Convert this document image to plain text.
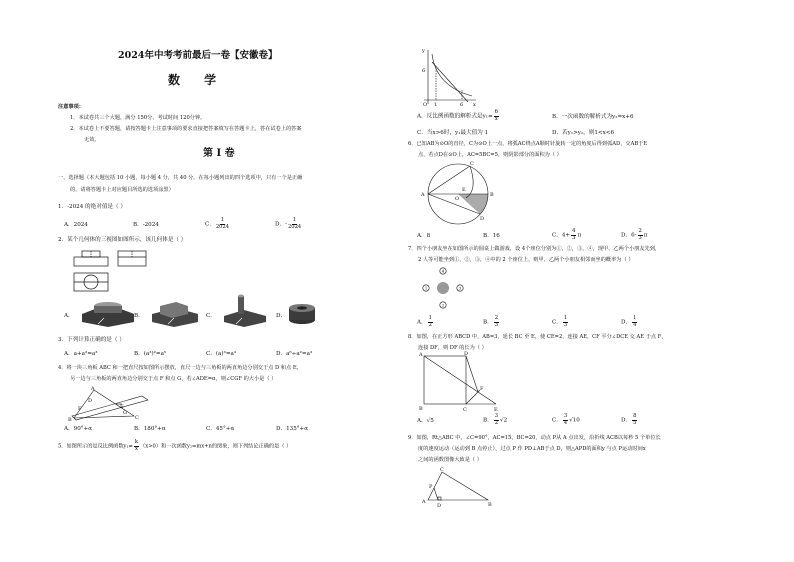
2024年中考考前最后一卷【安徽卷】
数 学
注意事项：
1．本试卷共三个大题，满分 150分，考试时间 120分钟。
2．本试卷上不要答题，请按答题卡上注意事项的要求直接把答案填写在答题卡上，答在试卷上的答案
无效。
第 I 卷
一、选择题（本大题包括 10 小题，每小题 4 分，共 40 分。在每小题列出的四个选项中，只有一个是正确
的，请将答题卡上对应题目所选的选项涂黑）
1．-2024 的绝对值是（ ）
A．2024	B．-2024	C． $\frac{1}{2024}$	D．- $\frac{1}{2024}$
2．某个几何体的三视图如图所示，该几何体是（ ）
A．	B．	C．	D．
3．下列计算正确的是（ ）
A．a+a²=a³	B．(a³)²=a⁵	C．(a)³=a³	D．a⁶÷a²=a³
4．将一块三角板 ABC 和一把直尺按如图所示摆放，直尺一边与三角板的两直角边分别交于点 D 和点 E，
另一边与三角板的两直角边分别交于点 F 和点 G，若∠ADE=α，则∠CGF 的大小是（ ）
B
A
C
D
E
F
G
A．90°+α	B．180°+α	C．45°+α	D．135°+α
5．如图所示的是反比例函数$y_1= \frac{k}{x} (x>0)$和一次函数y₂=mx+n的图象，则下列结论正确的是（ ）
y
x
O 1	6
6
A．反比例函数的解析式是$y_1= \frac{6}{x}$	B．一次函数的解析式为y₂=x+6
C．当x>6时，y₁最大值为 1	D．若y₁>y₂，则1<x<6
6．已知AB为⊙O的直径，C为⊙O上一点，将弧AC绕点A顺时针旋转一定的角度后得到弧AD，交AB于E
点，若点D在⊙O上，AC=5BC=5，则阴影部分的面积为（ ）
A	B
C
D
E
O
A．8	B．16	C．$4+ \frac{4}{3}$ π	D．$6- \frac{2}{3}$ π
7．四个小朋友坐在如图所示的圆桌上做游戏，设 4个座位分别为①，②，③，④，现甲、乙两个小朋友先到，
2 人等可能坐到①，②，③，④中的 2 个座位上，则甲、乙两个小朋友相邻而坐的概率为（ ）
4
2
1	3
A． $\frac{1}{2}$	B． $\frac{2}{3}$	C． $\frac{1}{3}$	D． $\frac{1}{4}$
8．如图，在正方形 ABCD 中，AB=3，延长 BC 至 E，使 CE=2，连接 AE，CF 平分∠DCE 交 AE 于点 F，
连接 DF，则 DF 的长为（ ）
A	D
B	C	E
F
A．√5	B． $\frac{3}{2} √2$	C． $\frac{3}{4} √10$	D． $\frac{8}{5}$
9．如图，Rt△ABC 中，∠C=90°，AC=15，BC=20，动点 P从 A 点出发，沿折线 ACB以每秒 5 个单位长
度的速度运动（运动到 B 点停止），过点 P 作 PD⊥AB于点 D，则△APD的面积y 与点 P运动时间x
之间的函数图像大致是（ ）
A
C
B
P
D
